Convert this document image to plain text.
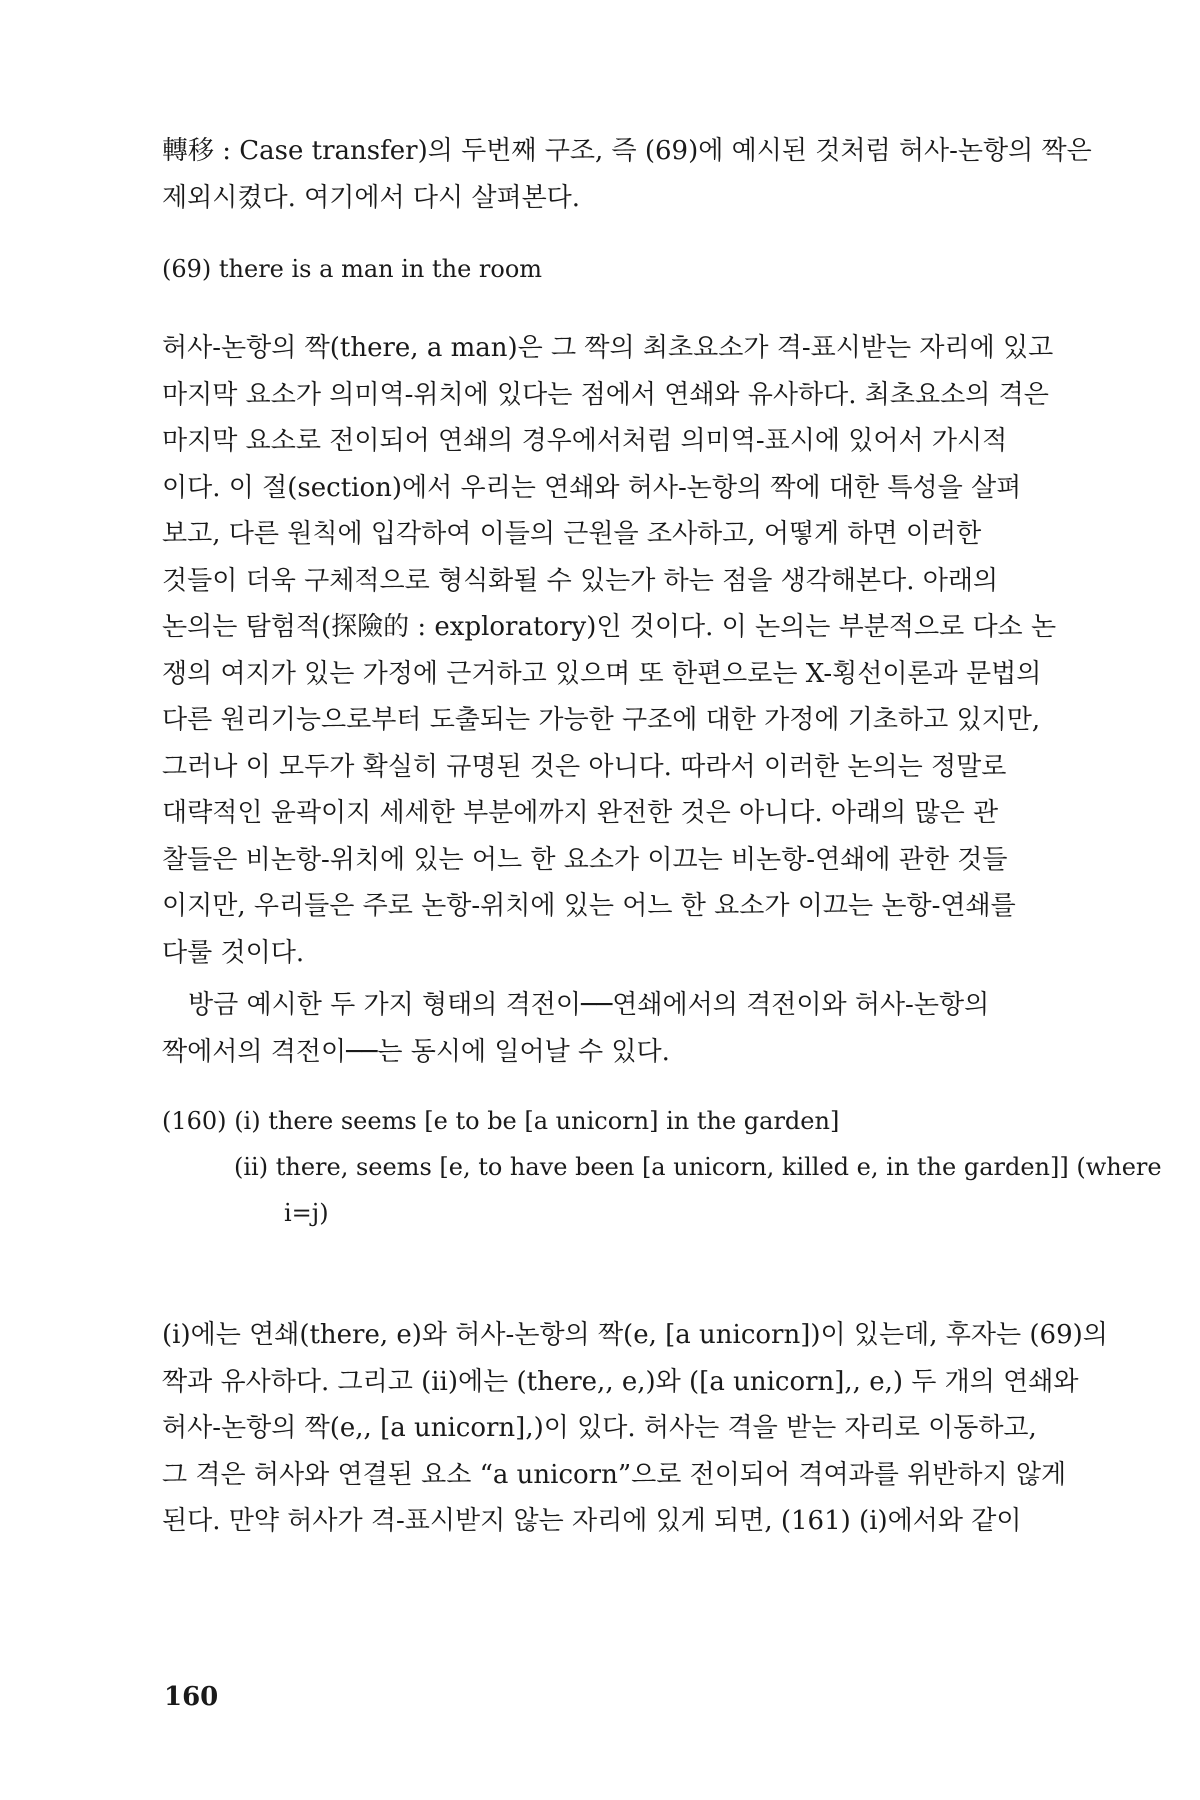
轉移 : Case transfer)의 두번째 구조, 즉 (69)에 예시된 것처럼 허사-논항의 짝은
제외시켰다. 여기에서 다시 살펴본다.

(69) there is a man in the room

허사-논항의 짝(there, a man)은 그 짝의 최초요소가 격-표시받는 자리에 있고
마지막 요소가 의미역-위치에 있다는 점에서 연쇄와 유사하다. 최초요소의 격은
마지막 요소로 전이되어 연쇄의 경우에서처럼 의미역-표시에 있어서 가시적
이다. 이 절(section)에서 우리는 연쇄와 허사-논항의 짝에 대한 특성을 살펴
보고, 다른 원칙에 입각하여 이들의 근원을 조사하고, 어떻게 하면 이러한
것들이 더욱 구체적으로 형식화될 수 있는가 하는 점을 생각해본다. 아래의
논의는 탐험적(探險的 : exploratory)인 것이다. 이 논의는 부분적으로 다소 논
쟁의 여지가 있는 가정에 근거하고 있으며 또 한편으로는 X-횡선이론과 문법의
다른 원리기능으로부터 도출되는 가능한 구조에 대한 가정에 기초하고 있지만,
그러나 이 모두가 확실히 규명된 것은 아니다. 따라서 이러한 논의는 정말로
대략적인 윤곽이지 세세한 부분에까지 완전한 것은 아니다. 아래의 많은 관
찰들은 비논항-위치에 있는 어느 한 요소가 이끄는 비논항-연쇄에 관한 것들
이지만, 우리들은 주로 논항-위치에 있는 어느 한 요소가 이끄는 논항-연쇄를
다룰 것이다.

　방금 예시한 두 가지 형태의 격전이──연쇄에서의 격전이와 허사-논항의
짝에서의 격전이──는 동시에 일어날 수 있다.

(160) (i) there seems [e to be [a unicorn] in the garden]
(ii) there, seems [e, to have been [a unicorn, killed e, in the garden]] (where
i=j)

(i)에는 연쇄(there, e)와 허사-논항의 짝(e, [a unicorn])이 있는데, 후자는 (69)의
짝과 유사하다. 그리고 (ii)에는 (there,, e,)와 ([a unicorn],, e,) 두 개의 연쇄와
허사-논항의 짝(e,, [a unicorn],)이 있다. 허사는 격을 받는 자리로 이동하고,
그 격은 허사와 연결된 요소 “a unicorn”으로 전이되어 격여과를 위반하지 않게
된다. 만약 허사가 격-표시받지 않는 자리에 있게 되면, (161) (i)에서와 같이

160
